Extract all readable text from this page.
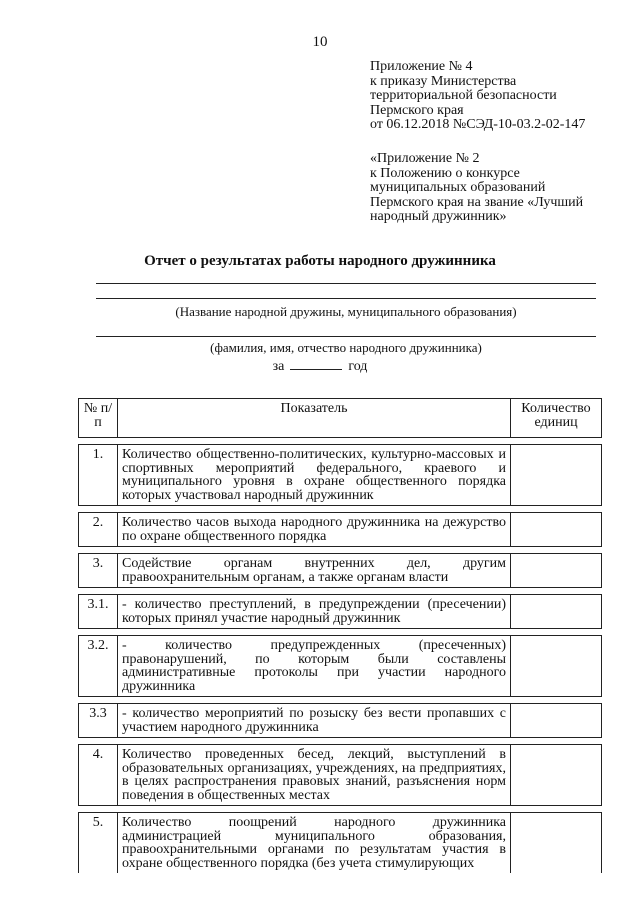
10
Приложение № 4
к приказу Министерства
территориальной безопасности
Пермского края
от 06.12.2018 №СЭД-10-03.2-02-147
«Приложение № 2
к Положению о конкурсе
муниципальных образований
Пермского края на звание «Лучший
народный дружинник»
Отчет о результатах работы народного дружинника
(Название народной дружины, муниципального образования)
(фамилия, имя, отчество народного дружинника)
за	год
№ п/п	Показатель	Количество единиц

1.	Количество общественно-политических, культурно-массовых и спортивных мероприятий федерального, краевого и муниципального уровня в охране общественного порядка которых участвовал народный дружинник	

2.	Количество часов выхода народного дружинника на дежурство по охране общественного порядка	

3.	Содействие органам внутренних дел, другим правоохранительным органам, а также органам власти	

3.1.	- количество преступлений, в предупреждении (пресечении) которых принял участие народный дружинник	

3.2.	- количество предупрежденных (пресеченных) правонарушений, по которым были составлены административные протоколы при участии народного дружинника	

3.3	- количество мероприятий по розыску без вести пропавших с участием народного дружинника	

4.	Количество проведенных бесед, лекций, выступлений в образовательных организациях, учреждениях, на предприятиях, в целях распространения правовых знаний, разъяснения норм поведения в общественных местах	

5.	Количество поощрений народного дружинника администрацией муниципального образования, правоохранительными органами по результатам участия в охране общественного порядка (без учета стимулирующих	
